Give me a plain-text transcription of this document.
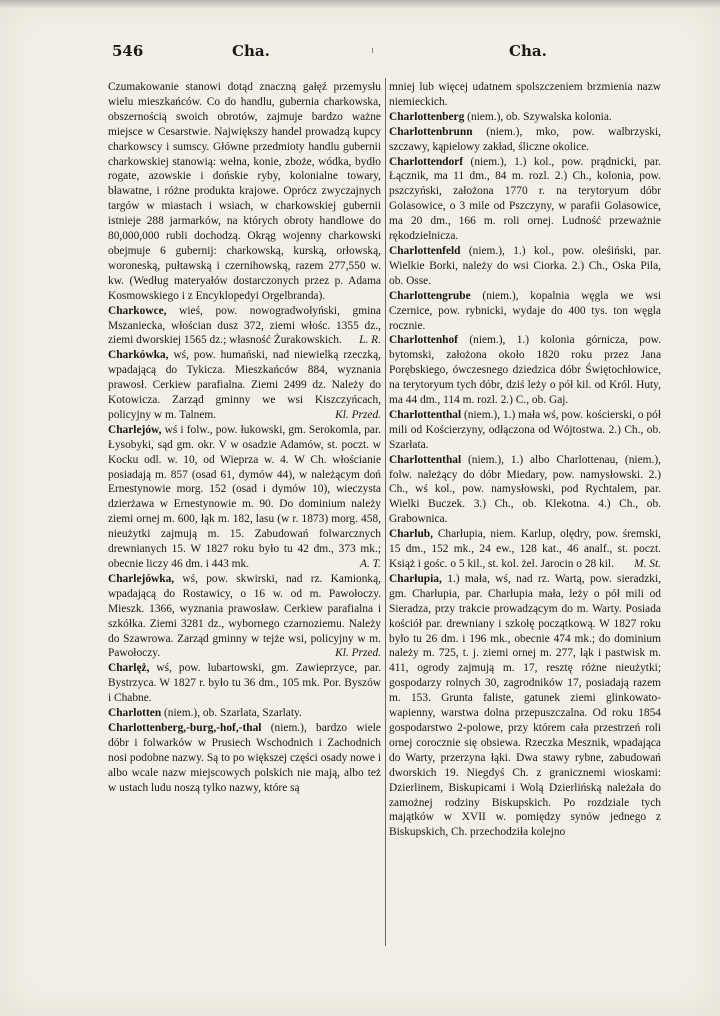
546	Cha.	Cha.

Czumakowanie stanowi dotąd znaczną gałęź przemysłu wielu mieszkańców. Co do handlu, gubernia charkowska, obszernością swoich obrotów, zajmuje bardzo ważne miejsce w Cesarstwie. Największy handel prowadzą kupcy charkowscy i sumscy. Główne przedmioty handlu gubernii charkowskiej stanowią: wełna, konie, zboże, wódka, bydło rogate, azowskie i dońskie ryby, kolonialne towary, bławatne, i różne produkta krajowe. Oprócz zwyczajnych targów w miastach i wsiach, w charkowskiej gubernii istnieje 288 jarmarków, na których obroty handlowe do 80,000,000 rubli dochodzą. Okrąg wojenny charkowski obejmuje 6 gubernij: charkowską, kurską, orłowską, woroneską, pułtawską i czernihowską, razem 277,550 w. kw. (Według materyałów dostarczonych przez p. Adama Kosmowskiego i z Encyklopedyi Orgelbranda).

Charkowce, wieś, pow. nowogradwołyński, gmina Mszaniecka, włościan dusz 372, ziemi włośc. 1355 dz., ziemi dworskiej 1565 dz.; własność Żurakowskich.	L. R.

Charkówka, wś, pow. humański, nad niewielką rzeczką, wpadającą do Tykicza. Mieszkańców 884, wyznania prawosł. Cerkiew parafialna. Ziemi 2499 dz. Należy do Kotowicza. Zarząd gminny we wsi Kiszczyńcach, policyjny w m. Talnem.	Kl. Przed.

Charlejów, wś i folw., pow. łukowski, gm. Serokomla, par. Łysobyki, sąd gm. okr. V w osadzie Adamów, st. poczt. w Kocku odl. w. 10, od Wieprza w. 4. W Ch. włościanie posiadają m. 857 (osad 61, dymów 44), w należącym doń Ernestynowie morg. 152 (osad i dymów 10), wieczysta dzierżawa w Ernestynowie m. 90. Do dominium należy ziemi ornej m. 600, łąk m. 182, lasu (w r. 1873) morg. 458, nieużytki zajmują m. 15. Zabudowań folwarcznych drewnianych 15. W 1827 roku było tu 42 dm., 373 mk.; obecnie liczy 46 dm. i 443 mk.	A. T.

Charlejówka, wś, pow. skwirski, nad rz. Kamionką, wpadającą do Rostawicy, o 16 w. od m. Pawołoczy. Mieszk. 1366, wyznania prawosław. Cerkiew parafialna i szkółka. Ziemi 3281 dz., wybornego czarnoziemu. Należy do Szawrowa. Zarząd gminny w tejże wsi, policyjny w m. Pawołoczy.	Kl. Przed.

Charlęż, wś, pow. lubartowski, gm. Zawieprzyce, par. Bystrzyca. W 1827 r. było tu 36 dm., 105 mk. Por. Byszów i Chabne.

Charlotten (niem.), ob. Szarlata, Szarlaty.

Charlottenberg,-burg,-hof,-thal (niem.), bardzo wiele dóbr i folwarków w Prusiech Wschodnich i Zachodnich nosi podobne nazwy. Są to po większej części osady nowe i albo wcale nazw miejscowych polskich nie mają, albo też w ustach ludu noszą tylko nazwy, które są

mniej lub więcej udatnem spolszczeniem brzmienia nazw niemieckich.

Charlottenberg (niem.), ob. Szywalska kolonia.

Charlottenbrunn (niem.), mko, pow. walbrzyski, szczawy, kąpielowy zakład, śliczne okolice.

Charlottendorf (niem.), 1.) kol., pow. prądnicki, par. Łącznik, ma 11 dm., 84 m. rozl. 2.) Ch., kolonia, pow. pszczyński, założona 1770 r. na terytoryum dóbr Golasowice, o 3 mile od Pszczyny, w parafii Golasowice, ma 20 dm., 166 m. roli ornej. Ludność przeważnie rękodzielnicza.

Charlottenfeld (niem.), 1.) kol., pow. oleśiński, par. Wielkie Borki, należy do wsi Ciorka. 2.) Ch., Oska Pila, ob. Osse.

Charlottengrube (niem.), kopalnia węgla we wsi Czernice, pow. rybnicki, wydaje do 400 tys. ton węgla rocznie.

Charlottenhof (niem.), 1.) kolonia górnicza, pow. bytomski, założona około 1820 roku przez Jana Porębskiego, ówczesnego dziedzica dóbr Świętochłowice, na terytoryum tych dóbr, dziś leży o pół kil. od Król. Huty, ma 44 dm., 114 m. rozl. 2.) C., ob. Gaj.

Charlottenthal (niem.), 1.) mała wś, pow. kościerski, o pół mili od Kościerzyny, odłączona od Wójtostwa. 2.) Ch., ob. Szarłata.

Charlottenthal (niem.), 1.) albo Charlottenau, (niem.), folw. należący do dóbr Miedary, pow. namysłowski. 2.) Ch., wś kol., pow. namysłowski, pod Rychtalem, par. Wielki Buczek. 3.) Ch., ob. Klekotna. 4.) Ch., ob. Grabownica.

Charlub, Charłupia, niem. Karlup, olędry, pow. śremski, 15 dm., 152 mk., 24 ew., 128 kat., 46 analf., st. poczt. Książ i gośc. o 5 kil., st. kol. żel. Jarocin o 28 kil.	M. St.

Charłupia, 1.) mała, wś, nad rz. Wartą, pow. sieradzki, gm. Charłupia, par. Charłupia mała, leży o pół mili od Sieradza, przy trakcie prowadzącym do m. Warty. Posiada kościół par. drewniany i szkołę początkową. W 1827 roku było tu 26 dm. i 196 mk., obecnie 474 mk.; do dominium należy m. 725, t. j. ziemi ornej m. 277, łąk i pastwisk m. 411, ogrody zajmują m. 17, resztę różne nieużytki; gospodarzy rolnych 30, zagrodników 17, posiadają razem m. 153. Grunta faliste, gatunek ziemi glinkowato-wapienny, warstwa dolna przepuszczalna. Od roku 1854 gospodarstwo 2-polowe, przy którem cała przestrzeń roli ornej corocznie się obsiewa. Rzeczka Mesznik, wpadająca do Warty, przerzyna łąki. Dwa stawy rybne, zabudowań dworskich 19. Niegdyś Ch. z granicznemi wioskami: Dzierlinem, Biskupicami i Wolą Dzierlińską należała do zamożnej rodziny Biskupskich. Po rozdziale tych majątków w XVII w. pomiędzy synów jednego z Biskupskich, Ch. przechodziła kolejno
